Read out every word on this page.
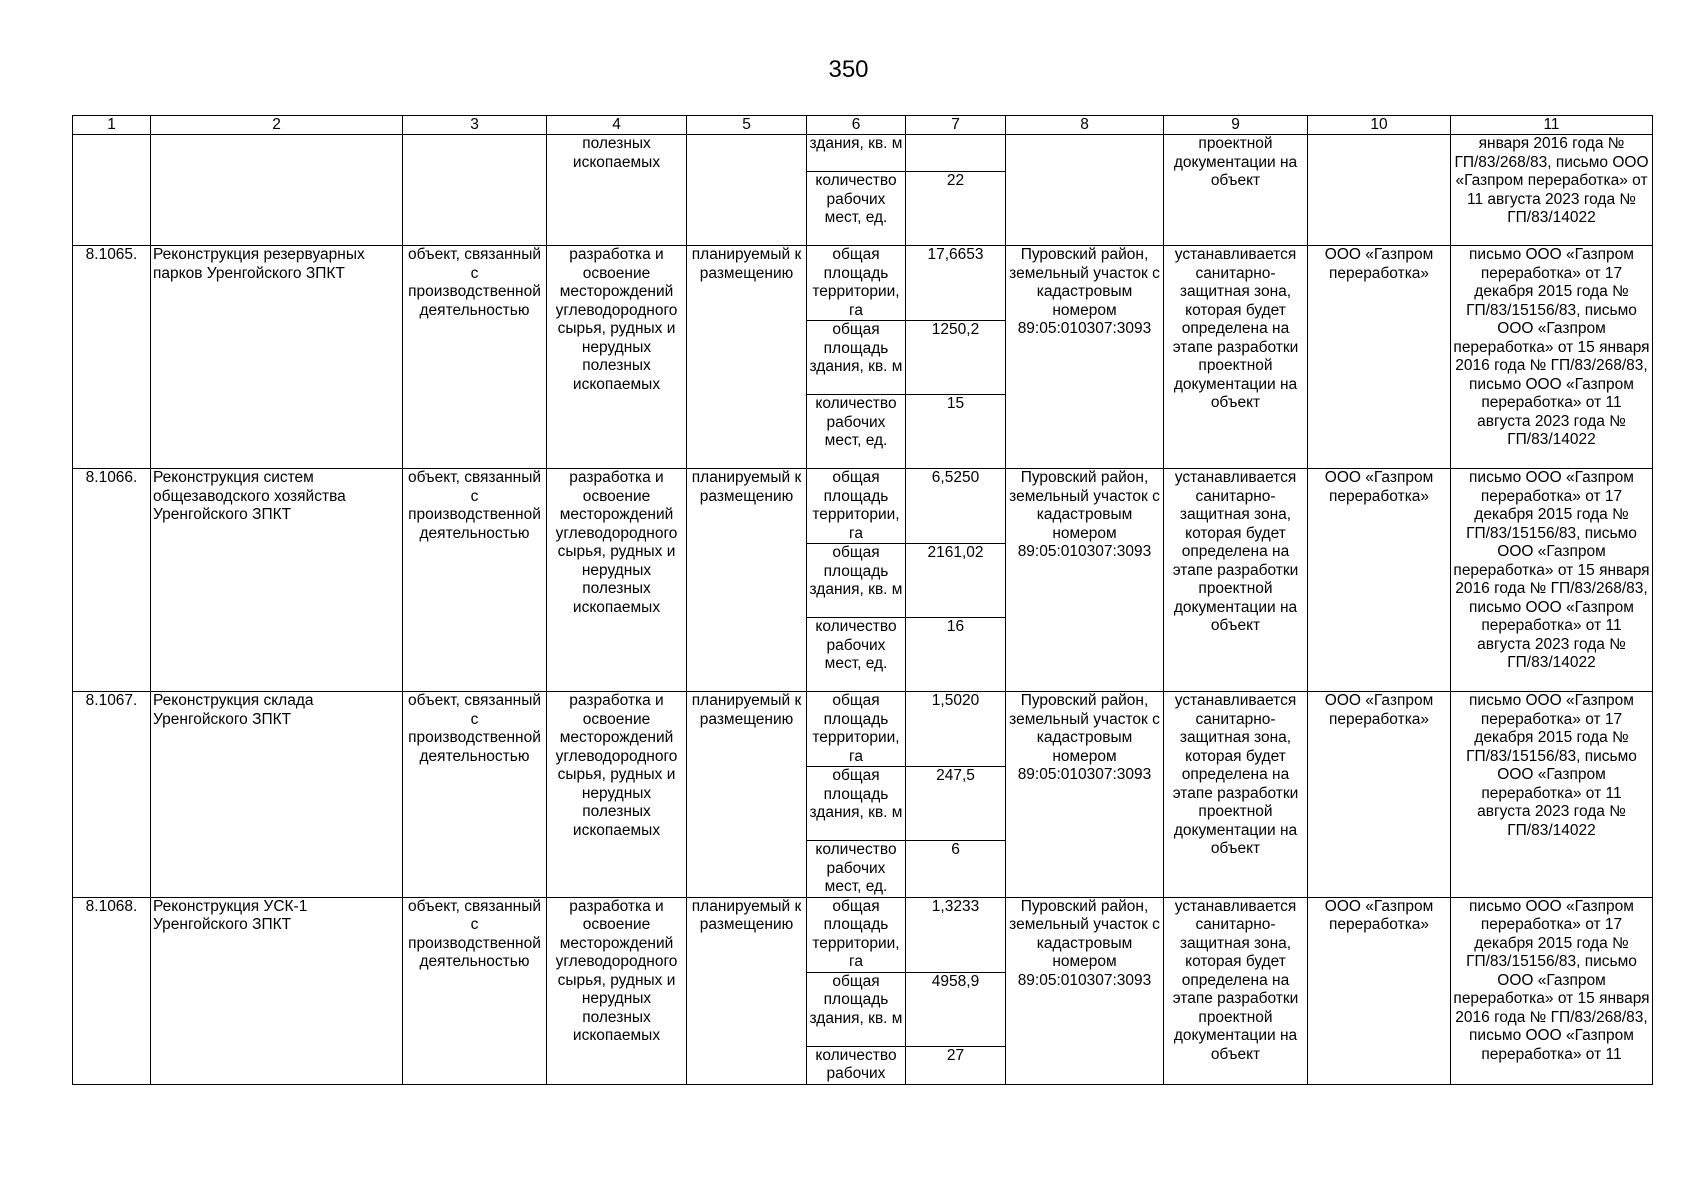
350
1	2	3	4	5	6	7	8	9	10	11
			полезных ископаемых		здания, кв. м			проектной документации на объект		января 2016 года № ГП/83/268/83, письмо ООО «Газпром переработка» от 11 августа 2023 года № ГП/83/14022
					количество рабочих мест, ед.	22				
8.1065.	Реконструкция резервуарных парков Уренгойского ЗПКТ	объект, связанный с производственной деятельностью	разработка и освоение месторождений углеводородного сырья, рудных и нерудных полезных ископаемых	планируемый к размещению	общая площадь территории, га	17,6653	Пуровский район, земельный участок с кадастровым номером 89:05:010307:3093	устанавливается санитарно-защитная зона, которая будет определена на этапе разработки проектной документации на объект	ООО «Газпром переработка»	письмо ООО «Газпром переработка» от 17 декабря 2015 года № ГП/83/15156/83, письмо ООО «Газпром переработка» от 15 января 2016 года № ГП/83/268/83, письмо ООО «Газпром переработка» от 11 августа 2023 года № ГП/83/14022
					общая площадь здания, кв. м	1250,2				
					количество рабочих мест, ед.	15				
8.1066.	Реконструкция систем общезаводского хозяйства Уренгойского ЗПКТ	объект, связанный с производственной деятельностью	разработка и освоение месторождений углеводородного сырья, рудных и нерудных полезных ископаемых	планируемый к размещению	общая площадь территории, га	6,5250	Пуровский район, земельный участок с кадастровым номером 89:05:010307:3093	устанавливается санитарно-защитная зона, которая будет определена на этапе разработки проектной документации на объект	ООО «Газпром переработка»	письмо ООО «Газпром переработка» от 17 декабря 2015 года № ГП/83/15156/83, письмо ООО «Газпром переработка» от 15 января 2016 года № ГП/83/268/83, письмо ООО «Газпром переработка» от 11 августа 2023 года № ГП/83/14022
					общая площадь здания, кв. м	2161,02				
					количество рабочих мест, ед.	16				
8.1067.	Реконструкция склада Уренгойского ЗПКТ	объект, связанный с производственной деятельностью	разработка и освоение месторождений углеводородного сырья, рудных и нерудных полезных ископаемых	планируемый к размещению	общая площадь территории, га	1,5020	Пуровский район, земельный участок с кадастровым номером 89:05:010307:3093	устанавливается санитарно-защитная зона, которая будет определена на этапе разработки проектной документации на объект	ООО «Газпром переработка»	письмо ООО «Газпром переработка» от 17 декабря 2015 года № ГП/83/15156/83, письмо ООО «Газпром переработка» от 11 августа 2023 года № ГП/83/14022
					общая площадь здания, кв. м	247,5				
					количество рабочих мест, ед.	6				
8.1068.	Реконструкция УСК-1 Уренгойского ЗПКТ	объект, связанный с производственной деятельностью	разработка и освоение месторождений углеводородного сырья, рудных и нерудных полезных ископаемых	планируемый к размещению	общая площадь территории, га	1,3233	Пуровский район, земельный участок с кадастровым номером 89:05:010307:3093	устанавливается санитарно-защитная зона, которая будет определена на этапе разработки проектной документации на объект	ООО «Газпром переработка»	письмо ООО «Газпром переработка» от 17 декабря 2015 года № ГП/83/15156/83, письмо ООО «Газпром переработка» от 15 января 2016 года № ГП/83/268/83, письмо ООО «Газпром переработка» от 11
					общая площадь здания, кв. м	4958,9				
					количество рабочих	27				
